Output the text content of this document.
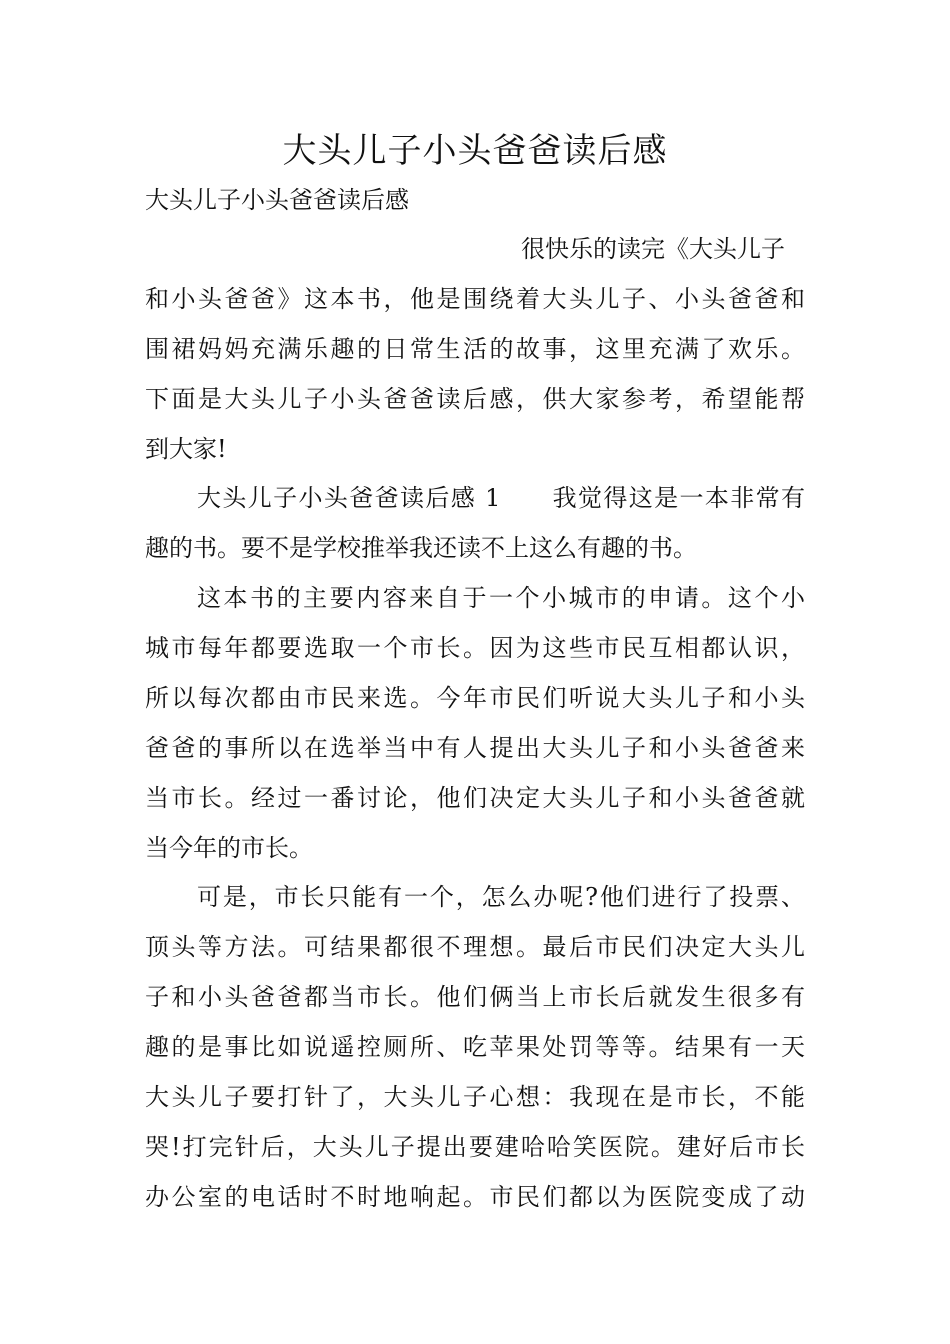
大头儿子小头爸爸读后感

大头儿子小头爸爸读后感

很快乐的读完《大头儿子

和小头爸爸》这本书，他是围绕着大头儿子、小头爸爸和

围裙妈妈充满乐趣的日常生活的故事，这里充满了欢乐。

下面是大头儿子小头爸爸读后感，供大家参考，希望能帮

到大家!

大头儿子小头爸爸读后感 1　　我觉得这是一本非常有

趣的书。要不是学校推举我还读不上这么有趣的书。

这本书的主要内容来自于一个小城市的申请。这个小

城市每年都要选取一个市长。因为这些市民互相都认识，

所以每次都由市民来选。今年市民们听说大头儿子和小头

爸爸的事所以在选举当中有人提出大头儿子和小头爸爸来

当市长。经过一番讨论，他们决定大头儿子和小头爸爸就

当今年的市长。

可是，市长只能有一个，怎么办呢?他们进行了投票、

顶头等方法。可结果都很不理想。最后市民们决定大头儿

子和小头爸爸都当市长。他们俩当上市长后就发生很多有

趣的是事比如说遥控厕所、吃苹果处罚等等。结果有一天

大头儿子要打针了，大头儿子心想：我现在是市长，不能

哭!打完针后，大头儿子提出要建哈哈笑医院。建好后市长

办公室的电话时不时地响起。市民们都以为医院变成了动
